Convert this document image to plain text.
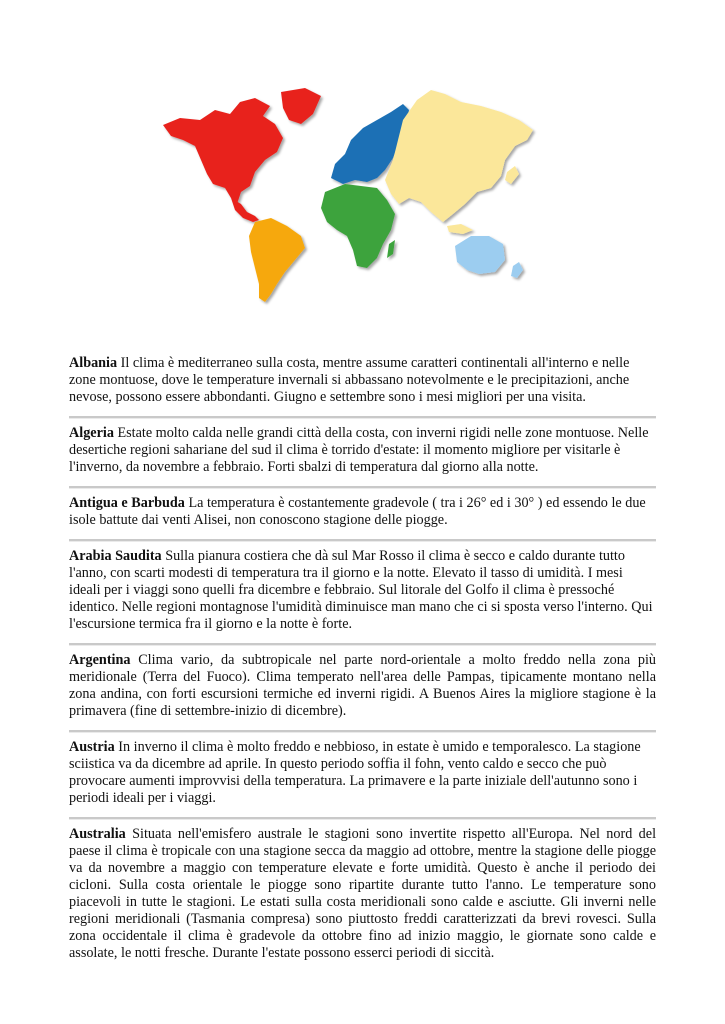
Albania Il clima è mediterraneo sulla costa, mentre assume caratteri continentali all'interno e nelle zone montuose, dove le temperature invernali si abbassano notevolmente e le precipitazioni, anche nevose, possono essere abbondanti. Giugno e settembre sono i mesi migliori per una visita.
Algeria Estate molto calda nelle grandi città della costa, con inverni rigidi nelle zone montuose. Nelle desertiche regioni sahariane del sud il clima è torrido d'estate: il momento migliore per visitarle è l'inverno, da novembre a febbraio. Forti sbalzi di temperatura dal giorno alla notte.
Antigua e Barbuda La temperatura è costantemente gradevole ( tra i 26° ed i 30° ) ed essendo le due isole battute dai venti Alisei, non conoscono stagione delle piogge.
Arabia Saudita Sulla pianura costiera che dà sul Mar Rosso il clima è secco e caldo durante tutto l'anno, con scarti modesti di temperatura tra il giorno e la notte. Elevato il tasso di umidità. I mesi ideali per i viaggi sono quelli fra dicembre e febbraio. Sul litorale del Golfo il clima è pressoché identico. Nelle regioni montagnose l'umidità diminuisce man mano che ci si sposta verso l'interno. Qui l'escursione termica fra il giorno e la notte è forte.
Argentina Clima vario, da subtropicale nel parte nord-orientale a molto freddo nella zona più meridionale (Terra del Fuoco). Clima temperato nell'area delle Pampas, tipicamente montano nella zona andina, con forti escursioni termiche ed inverni rigidi. A Buenos Aires la migliore stagione è la primavera (fine di settembre-inizio di dicembre).
Austria In inverno il clima è molto freddo e nebbioso, in estate è umido e temporalesco. La stagione sciistica va da dicembre ad aprile. In questo periodo soffia il fohn, vento caldo e secco che può provocare aumenti improvvisi della temperatura. La primavere e la parte iniziale dell'autunno sono i periodi ideali per i viaggi.
Australia Situata nell'emisfero australe le stagioni sono invertite rispetto all'Europa. Nel nord del paese il clima è tropicale con una stagione secca da maggio ad ottobre, mentre la stagione delle piogge va da novembre a maggio con temperature elevate e forte umidità. Questo è anche il periodo dei cicloni. Sulla costa orientale le piogge sono ripartite durante tutto l'anno. Le temperature sono piacevoli in tutte le stagioni. Le estati sulla costa meridionali sono calde e asciutte. Gli inverni nelle regioni meridionali (Tasmania compresa) sono piuttosto freddi caratterizzati da brevi rovesci. Sulla zona occidentale il clima è gradevole da ottobre fino ad inizio maggio, le giornate sono calde e assolate, le notti fresche. Durante l'estate possono esserci periodi di siccità.
